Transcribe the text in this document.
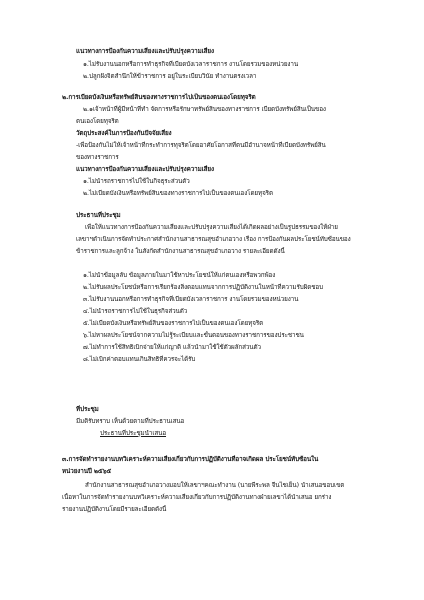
แนวทางการป้องกันความเสี่ยงและปรับปรุงความเสี่ยง
๑.ไม่รับงานนอกหรือการทำธุรกิจที่เบียดบังเวลาราชการ งานโดยรวมของหน่วยงาน
๒.ปลูกฝังจิตสำนึกให้ข้าราชการ อยู่ในระเบียบวินัย ทำงานตรงเวลา
๒.การเบียดบังเงินหรือทรัพย์สินของทางราชการไปเป็นของตนเองโดยทุจริต
๒.๑เจ้าหน้าที่ผู้มีหน้าที่ทำ จัดการหรือรักษาทรัพย์สินของทางราชการ เบียดบังทรัพย์สินเป็นของ
ตนเองโดยทุจริต
วัตถุประสงค์ในการป้องกันปัจจัยเสี่ยง
-เพื่อป้องกันไม่ให้เจ้าหน้าที่กระทำการทุจริตโดยอาศัยโอกาสที่ตนมีอำนาจหน้าที่เบียดบังทรัพย์สิน
ของทางราชการ
แนวทางการป้องกันความเสี่ยงและปรับปรุงความเสี่ยง
๑.ไม่นำรถราชการไปใช้ในกิจธุระส่วนตัว
๒.ไม่เบียดบังเงินหรือทรัพย์สินของทางราชการไปเป็นของตนเองโดยทุจริต
ประธานที่ประชุม
เพื่อให้แนวทางการป้องกันความเสี่ยงและปรับปรุงความเสี่ยงได้เกิดผลอย่างเป็นรูปธรรมของให้ฝ่าย
เลขาฯดำเนินการจัดทำประกาศสำนักงานสาธารณสุขอำเภอวาง เรื่อง การป้องกันผลประโยชน์ทับซ้อนของ
ข้าราชการและลูกจ้าง ในสังกัดสำนักงานสาธารณสุขอำเภอวาง รายละเอียดดังนี้
๑.ไม่นำข้อมูลลับ ข้อมูลภายในมาใช้หาประโยชน์ให้แก่ตนเองหรือพวกพ้อง
๒.ไม่รับผลประโยชน์หรือการเรียกร้องสิ่งตอบแทนจากการปฏิบัติงานในหน้าที่ความรับผิดชอบ
๓.ไม่รับงานนอกหรือการทำธุรกิจที่เบียดบังเวลาราชการ งานโดยรวมของหน่วยงาน
๔.ไม่นำรถราชการไปใช้ในธุรกิจส่วนตัว
๕.ไม่เบียดบังเงินหรือทรัพย์สินของราชการไปเป็นของตนเองโดยทุจริต
๖.ไม่หาผลประโยชน์จากความไม่รู้ระเบียบและขั้นตอนของทางราชการของประชาชน
๗.ไม่ทำการใช้สิทธิเบิกจ่ายให้แก่ญาติ แล้วนำมาใช้ใช้ตัวผลักส่วนตัว
๘.ไม่เบิกค่าตอบแทนเกินสิทธิที่ควรจะได้รับ
ที่ประชุม
มีมติรับทราบ เห็นด้วยตามที่ประธานเสนอ
ประธานที่ประชุมนำเสนอ
๓.การจัดทำรายงานบทวิเคราะห์ความเสี่ยงเกี่ยวกับการปฏิบัติงานที่อาจเกิดผล ประโยชน์ทับซ้อนใน
หน่วยงานปี ๒๕๖๕
สำนักงานสาธารณสุขอำเภอวางมอบให้เลขาฯคณะทำงาน (นายพีระพล จีนไชเย็น) นำเสนอขอบเขต
เนื้อหาในการจัดทำรายงานบทวิเคราะห์ความเสี่ยงเกี่ยวกับการปฏิบัติงานทางฝ่ายเลขาได้นำเสนอ ยกร่าง
รายงานปฏิบัติงานโดยมีรายละเอียดดังนี้
